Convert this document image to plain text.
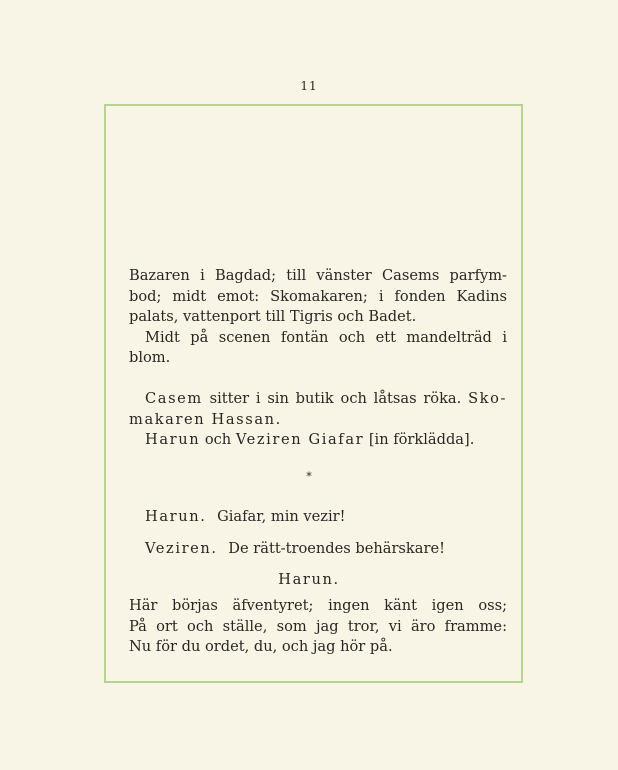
11
Bazaren i Bagdad; till vänster Casems parfym-
bod; midt emot: Skomakaren; i fonden Kadins
palats, vattenport till Tigris och Badet.
Midt på scenen fontän och ett mandelträd i
blom.
Casem sitter i sin butik och låtsas röka. Sko-
makaren Hassan.
Harun och Veziren Giafar [in förklädda].
*
Harun. Giafar, min vezir!
Veziren. De rätt-troendes behärskare!
Harun.
Här börjas äfventyret; ingen känt igen oss;
På ort och ställe, som jag tror, vi äro framme:
Nu för du ordet, du, och jag hör på.
